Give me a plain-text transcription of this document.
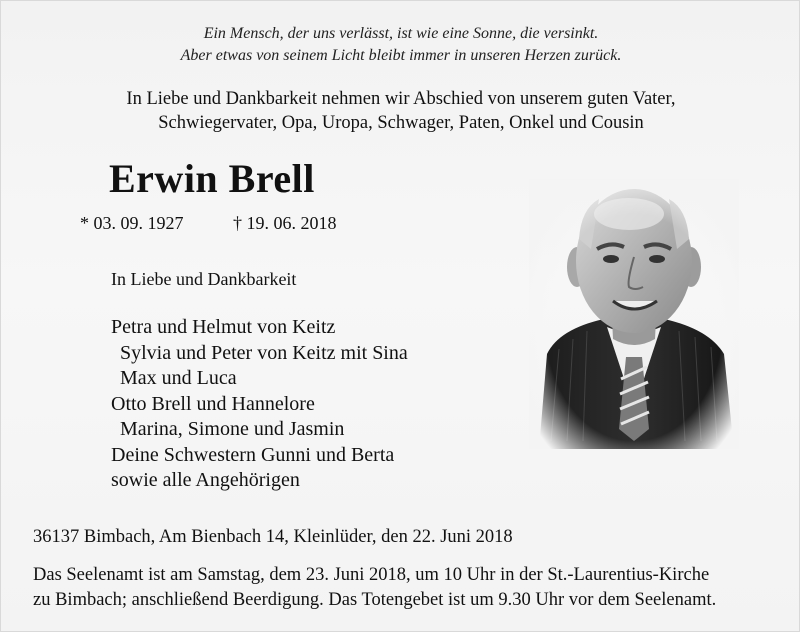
Ein Mensch, der uns verlässt, ist wie eine Sonne, die versinkt.
Aber etwas von seinem Licht bleibt immer in unseren Herzen zurück.
In Liebe und Dankbarkeit nehmen wir Abschied von unserem guten Vater,
Schwiegervater, Opa, Uropa, Schwager, Paten, Onkel und Cousin
Erwin Brell
* 03. 09. 1927	† 19. 06. 2018
In Liebe und Dankbarkeit
Petra und Helmut von Keitz
Sylvia und Peter von Keitz mit Sina
Max und Luca
Otto Brell und Hannelore
Marina, Simone und Jasmin
Deine Schwestern Gunni und Berta
sowie alle Angehörigen
36137 Bimbach, Am Bienbach 14, Kleinlüder, den 22. Juni 2018
Das Seelenamt ist am Samstag, dem 23. Juni 2018, um 10 Uhr in der St.-Laurentius-Kirche
zu Bimbach; anschließend Beerdigung. Das Totengebet ist um 9.30 Uhr vor dem Seelenamt.
